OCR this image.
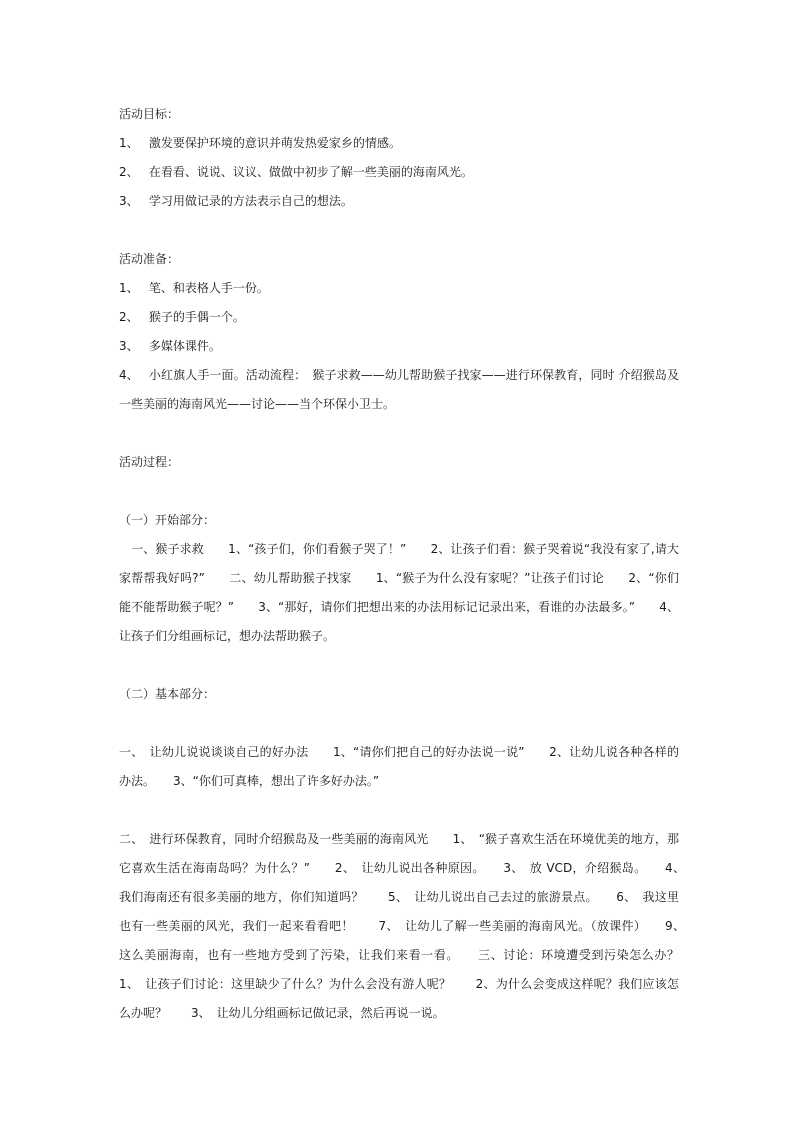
活动目标：

1、 激发要保护环境的意识并萌发热爱家乡的情感。

2、 在看看、说说、议议、做做中初步了解一些美丽的海南风光。

3、 学习用做记录的方法表示自己的想法。

活动准备：

1、 笔、和表格人手一份。

2、 猴子的手偶一个。

3、 多媒体课件。

4、 小红旗人手一面。活动流程：　猴子求救——幼儿帮助猴子找家——进行环保教育，同时 介绍猴岛及一些美丽的海南风光——讨论——当个环保小卫士。

活动过程：

（一）开始部分：

　一、猴子求救　　1、“孩子们，你们看猴子哭了！”　　2、让孩子们看：猴子哭着说“我没有家了,请大家帮帮我好吗?”　　二、幼儿帮助猴子找家　　1、“猴子为什么没有家呢？”让孩子们讨论　　2、“你们能不能帮助猴子呢？”　　3、“那好，请你们把想出来的办法用标记记录出来，看谁的办法最多。”　　4、让孩子们分组画标记，想办法帮助猴子。

（二）基本部分：

一、　让幼儿说说谈谈自己的好办法　　1、“请你们把自己的好办法说一说”　　2、让幼儿说各种各样的办法。　　3、“你们可真棒，想出了许多好办法。”

二、　进行环保教育，同时介绍猴岛及一些美丽的海南风光　　1、　“猴子喜欢生活在环境优美的地方，那它喜欢生活在海南岛吗？为什么？”　　2、　让幼儿说出各种原因。　　3、　放 VCD，介绍猴岛。　　4、　我们海南还有很多美丽的地方，你们知道吗？　　5、　让幼儿说出自己去过的旅游景点。　　6、　我这里也有一些美丽的风光，我们一起来看看吧！　　7、　让幼儿了解一些美丽的海南风光。（放课件）　　9、　这么美丽海南，也有一些地方受到了污染，让我们来看一看。　　三、讨论：环境遭受到污染怎么办？　　1、　让孩子们讨论：这里缺少了什么？为什么会没有游人呢？　　2、为什么会变成这样呢？我们应该怎么办呢？　　3、　让幼儿分组画标记做记录，然后再说一说。
